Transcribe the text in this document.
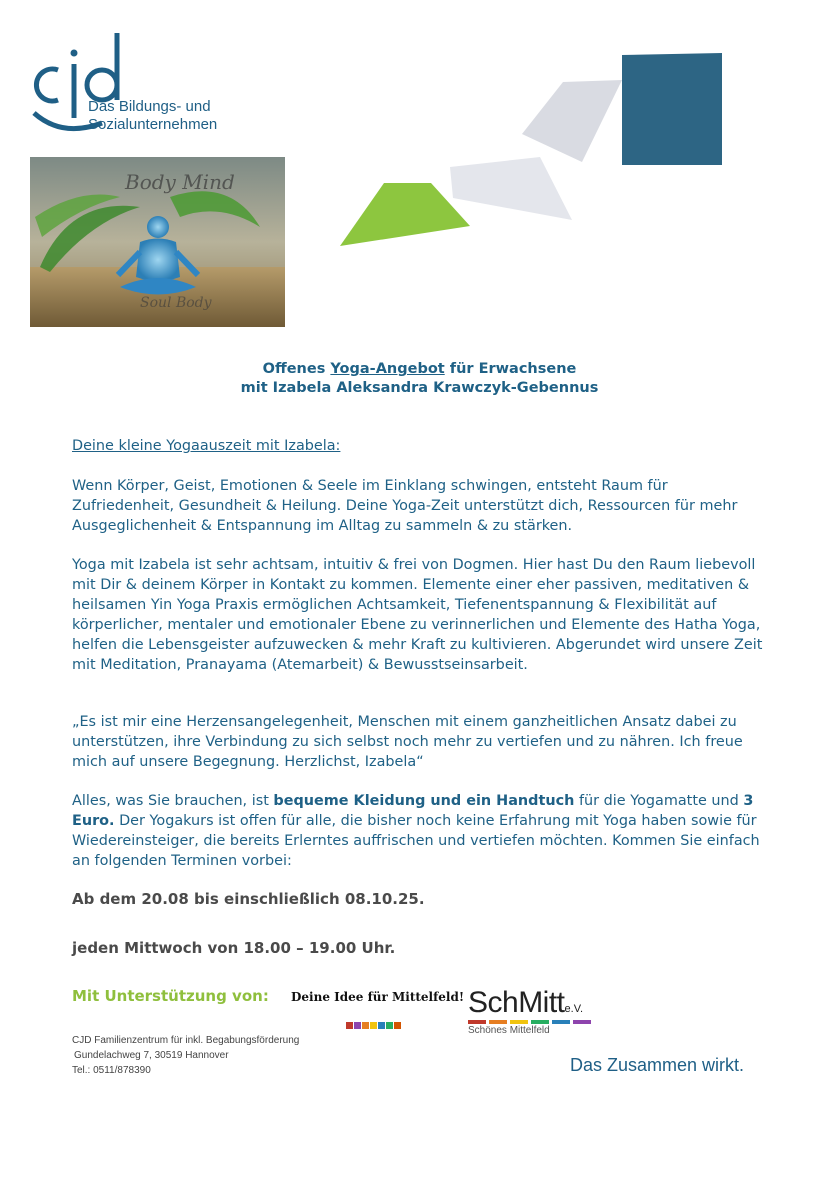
Das Bildungs- und
Sozialunternehmen
Body Mind
Soul Body
Offenes Yoga-Angebot für Erwachsene
mit Izabela Aleksandra Krawczyk-Gebennus

Deine kleine Yogaauszeit mit Izabela:

Wenn Körper, Geist, Emotionen & Seele im Einklang schwingen, entsteht Raum für Zufriedenheit, Gesundheit & Heilung. Deine Yoga-Zeit unterstützt dich, Ressourcen für mehr Ausgeglichenheit & Entspannung im Alltag zu sammeln & zu stärken.

Yoga mit Izabela ist sehr achtsam, intuitiv & frei von Dogmen. Hier hast Du den Raum liebevoll mit Dir & deinem Körper in Kontakt zu kommen. Elemente einer eher passiven, meditativen & heilsamen Yin Yoga Praxis ermöglichen Achtsamkeit, Tiefenentspannung & Flexibilität auf körperlicher, mentaler und emotionaler Ebene zu verinnerlichen und Elemente des Hatha Yoga, helfen die Lebensgeister aufzuwecken & mehr Kraft zu kultivieren. Abgerundet wird unsere Zeit mit Meditation, Pranayama (Atemarbeit) & Bewusstseinsarbeit.

„Es ist mir eine Herzensangelegenheit, Menschen mit einem ganzheitlichen Ansatz dabei zu unterstützen, ihre Verbindung zu sich selbst noch mehr zu vertiefen und zu nähren. Ich freue mich auf unsere Begegnung. Herzlichst, Izabela“

Alles, was Sie brauchen, ist bequeme Kleidung und ein Handtuch für die Yogamatte und 3 Euro. Der Yogakurs ist offen für alle, die bisher noch keine Erfahrung mit Yoga haben sowie für Wiedereinsteiger, die bereits Erlerntes auffrischen und vertiefen möchten. Kommen Sie einfach an folgenden Terminen vorbei:

Ab dem 20.08 bis einschließlich 08.10.25.
jeden Mittwoch von 18.00 – 19.00 Uhr.
Mit Unterstützung von: Deine Idee für Mittelfeld! SchMitte.V.
Schönes Mittelfeld
CJD Familienzentrum für inkl. Begabungsförderung
Gundelachweg 7, 30519 Hannover
Tel.: 0511/878390	Das Zusammen wirkt.
